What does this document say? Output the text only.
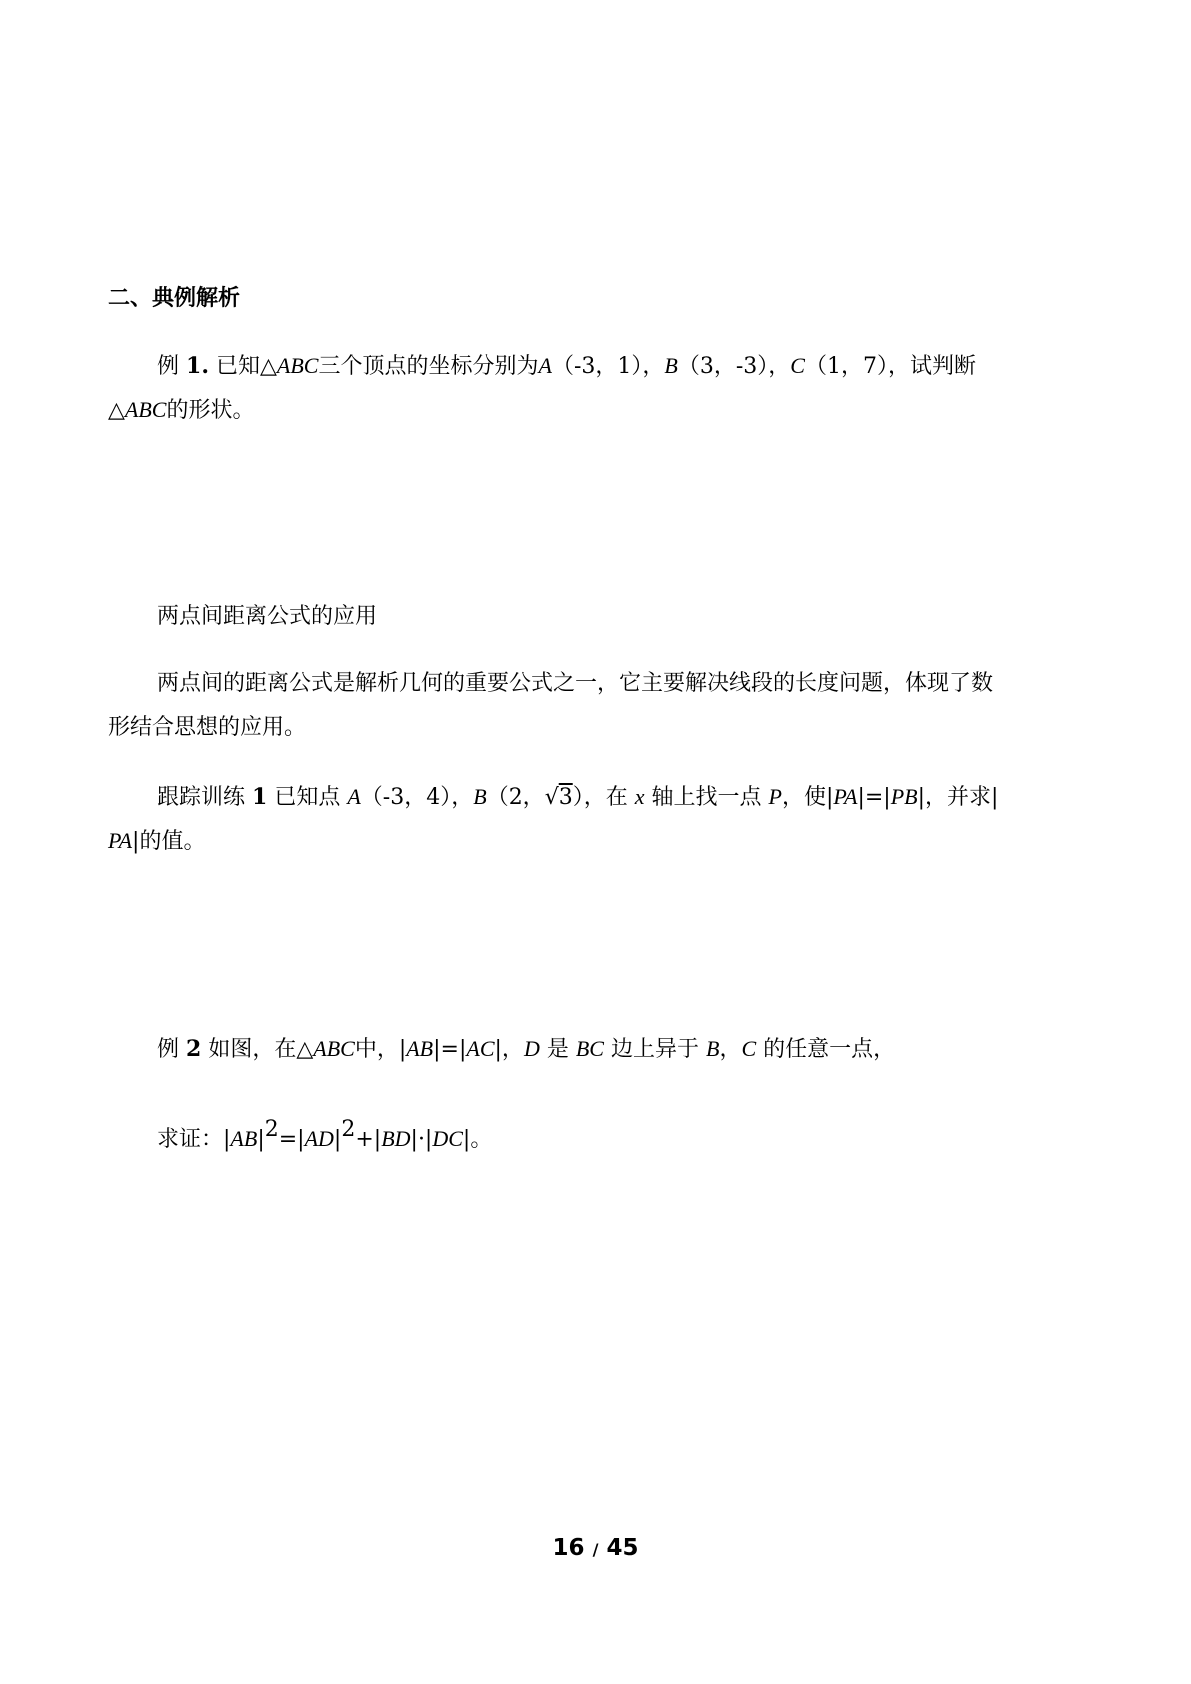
二、典例解析
例 1. 已知△ABC三个顶点的坐标分别为A（-3，1），B（3，-3），C（1，7），试判断
△ABC的形状。
两点间距离公式的应用
两点间的距离公式是解析几何的重要公式之一，它主要解决线段的长度问题，体现了数
形结合思想的应用。
跟踪训练 1 已知点 A（-3，4），B（2，√3），在 x 轴上找一点 P，使|PA|=|PB|，并求|
PA|的值。
例 2 如图，在△ABC中，|AB|=|AC|，D 是 BC 边上异于 B，C 的任意一点，
求证：$|AB|^2=|AD|^2+|BD|\cdot|DC|$。
16 / 45
